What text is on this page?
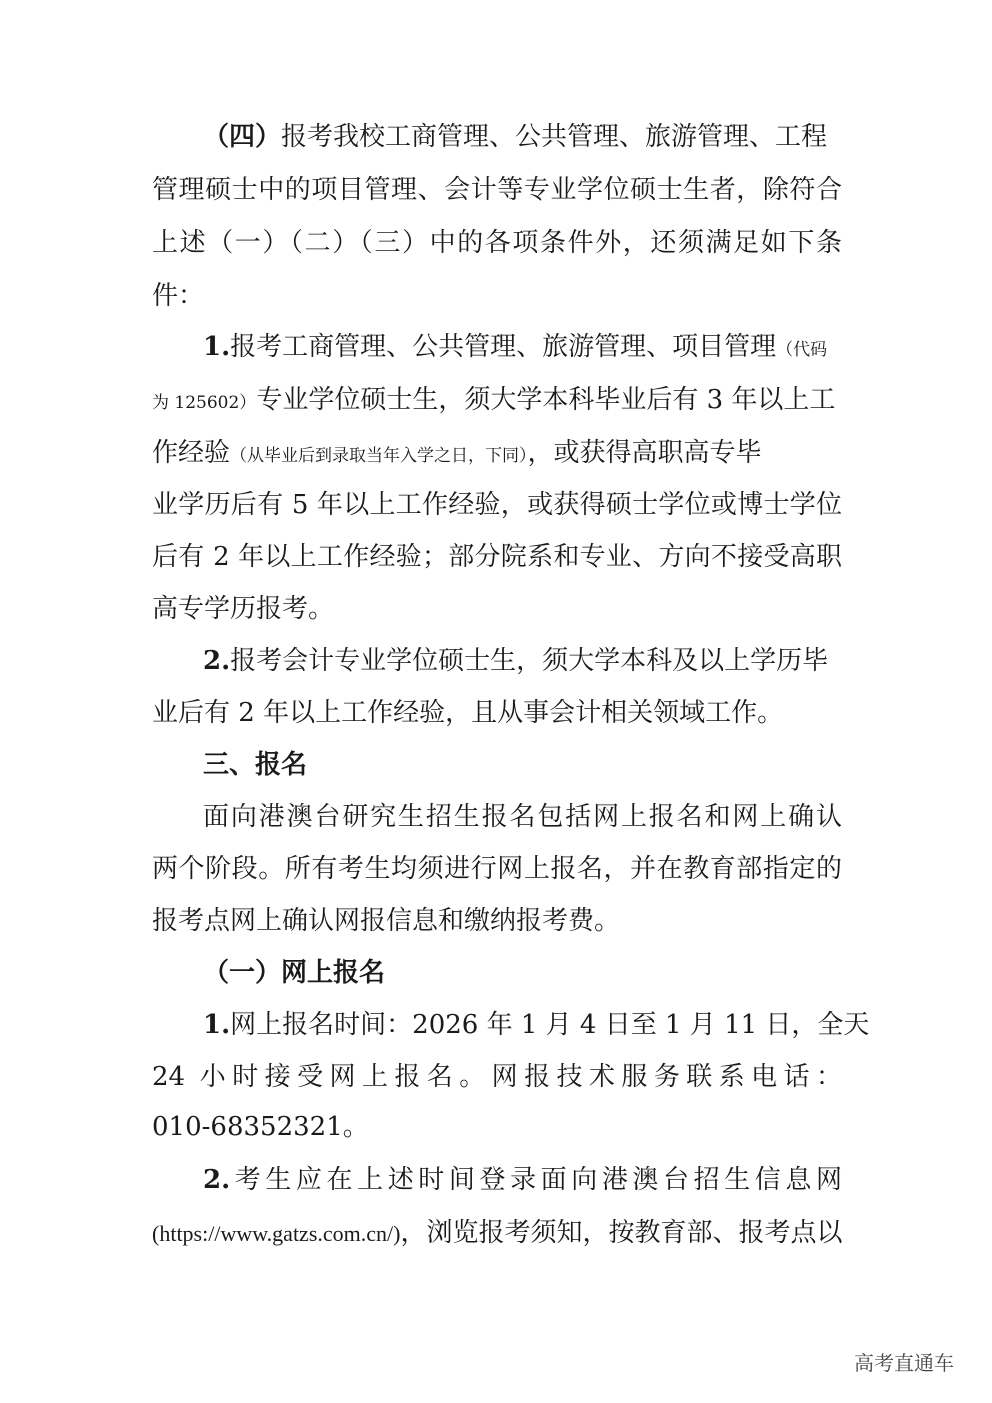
（四）报考我校工商管理、公共管理、旅游管理、工程
管理硕士中的项目管理、会计等专业学位硕士生者，除符合
上述（一）（二）（三）中的各项条件外，还须满足如下条
件：
1.报考工商管理、公共管理、旅游管理、项目管理（代码
为 125602）专业学位硕士生，须大学本科毕业后有 3 年以上工
作经验（从毕业后到录取当年入学之日，下同），或获得高职高专毕
业学历后有 5 年以上工作经验，或获得硕士学位或博士学位
后有 2 年以上工作经验；部分院系和专业、方向不接受高职
高专学历报考。
2.报考会计专业学位硕士生，须大学本科及以上学历毕
业后有 2 年以上工作经验，且从事会计相关领域工作。
三、报名
面向港澳台研究生招生报名包括网上报名和网上确认
两个阶段。所有考生均须进行网上报名，并在教育部指定的
报考点网上确认网报信息和缴纳报考费。
（一）网上报名
1.网上报名时间：2026 年 1 月 4 日至 1 月 11 日，全天
24 小时接受网上报名。网报技术服务联系电话：
010-68352321。
2.考生应在上述时间登录面向港澳台招生信息网
(https://www.gatzs.com.cn/)，浏览报考须知，按教育部、报考点以
高考直通车
